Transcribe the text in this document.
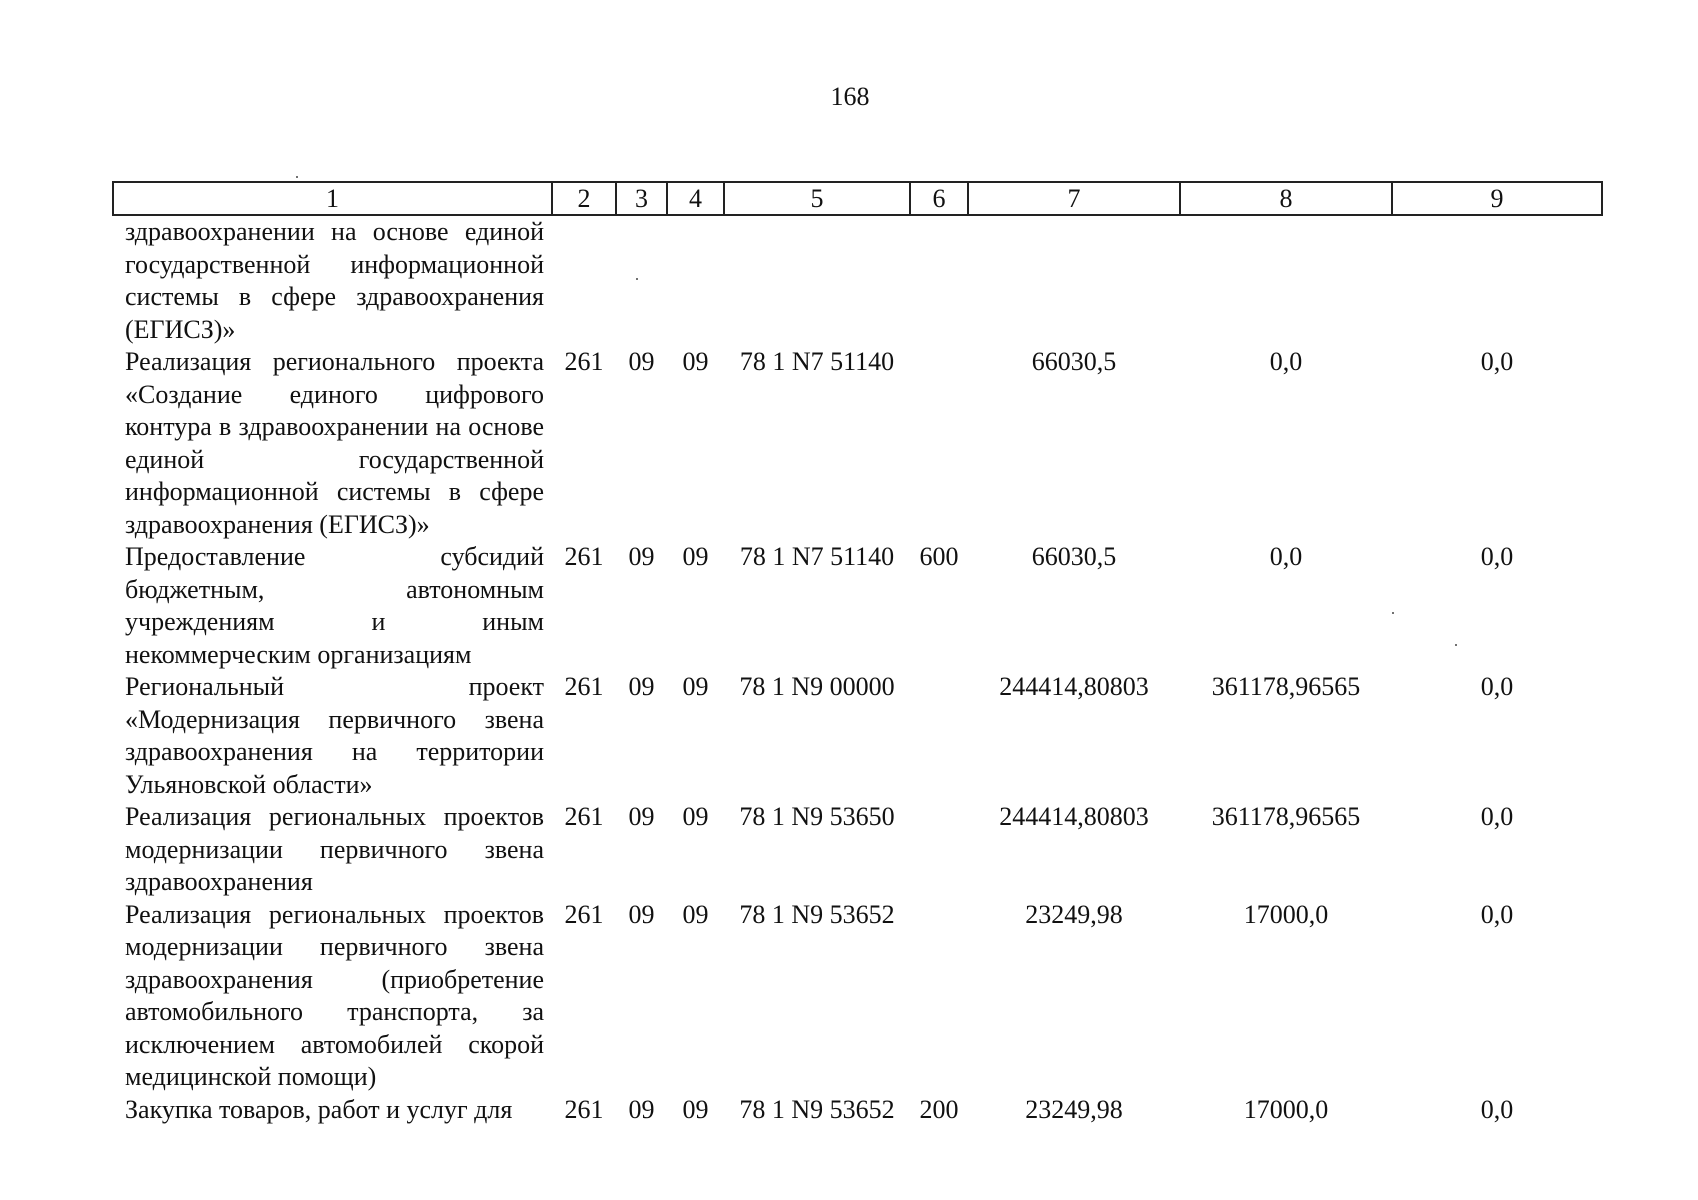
168
1	2	3	4	5	6	7	8	9
здравоохранении на основе единой государственной информационной системы в сфере здравоохранения (ЕГИСЗ)»								
Реализация регионального проекта «Создание единого цифрового контура в здравоохранении на основе единой государственной информационной системы в сфере здравоохранения (ЕГИСЗ)»	261	09	09	78 1 N7 51140		66030,5	0,0	0,0
Предоставление субсидий бюджетным, автономным учреждениям и иным некоммерческим организациям	261	09	09	78 1 N7 51140	600	66030,5	0,0	0,0
Региональный проект «Модернизация первичного звена здравоохранения на территории Ульяновской области»	261	09	09	78 1 N9 00000		244414,80803	361178,96565	0,0
Реализация региональных проектов модернизации первичного звена здравоохранения	261	09	09	78 1 N9 53650		244414,80803	361178,96565	0,0
Реализация региональных проектов модернизации первичного звена здравоохранения (приобретение автомобильного транспорта, за исключением автомобилей скорой медицинской помощи)	261	09	09	78 1 N9 53652		23249,98	17000,0	0,0
Закупка товаров, работ и услуг для	261	09	09	78 1 N9 53652	200	23249,98	17000,0	0,0
